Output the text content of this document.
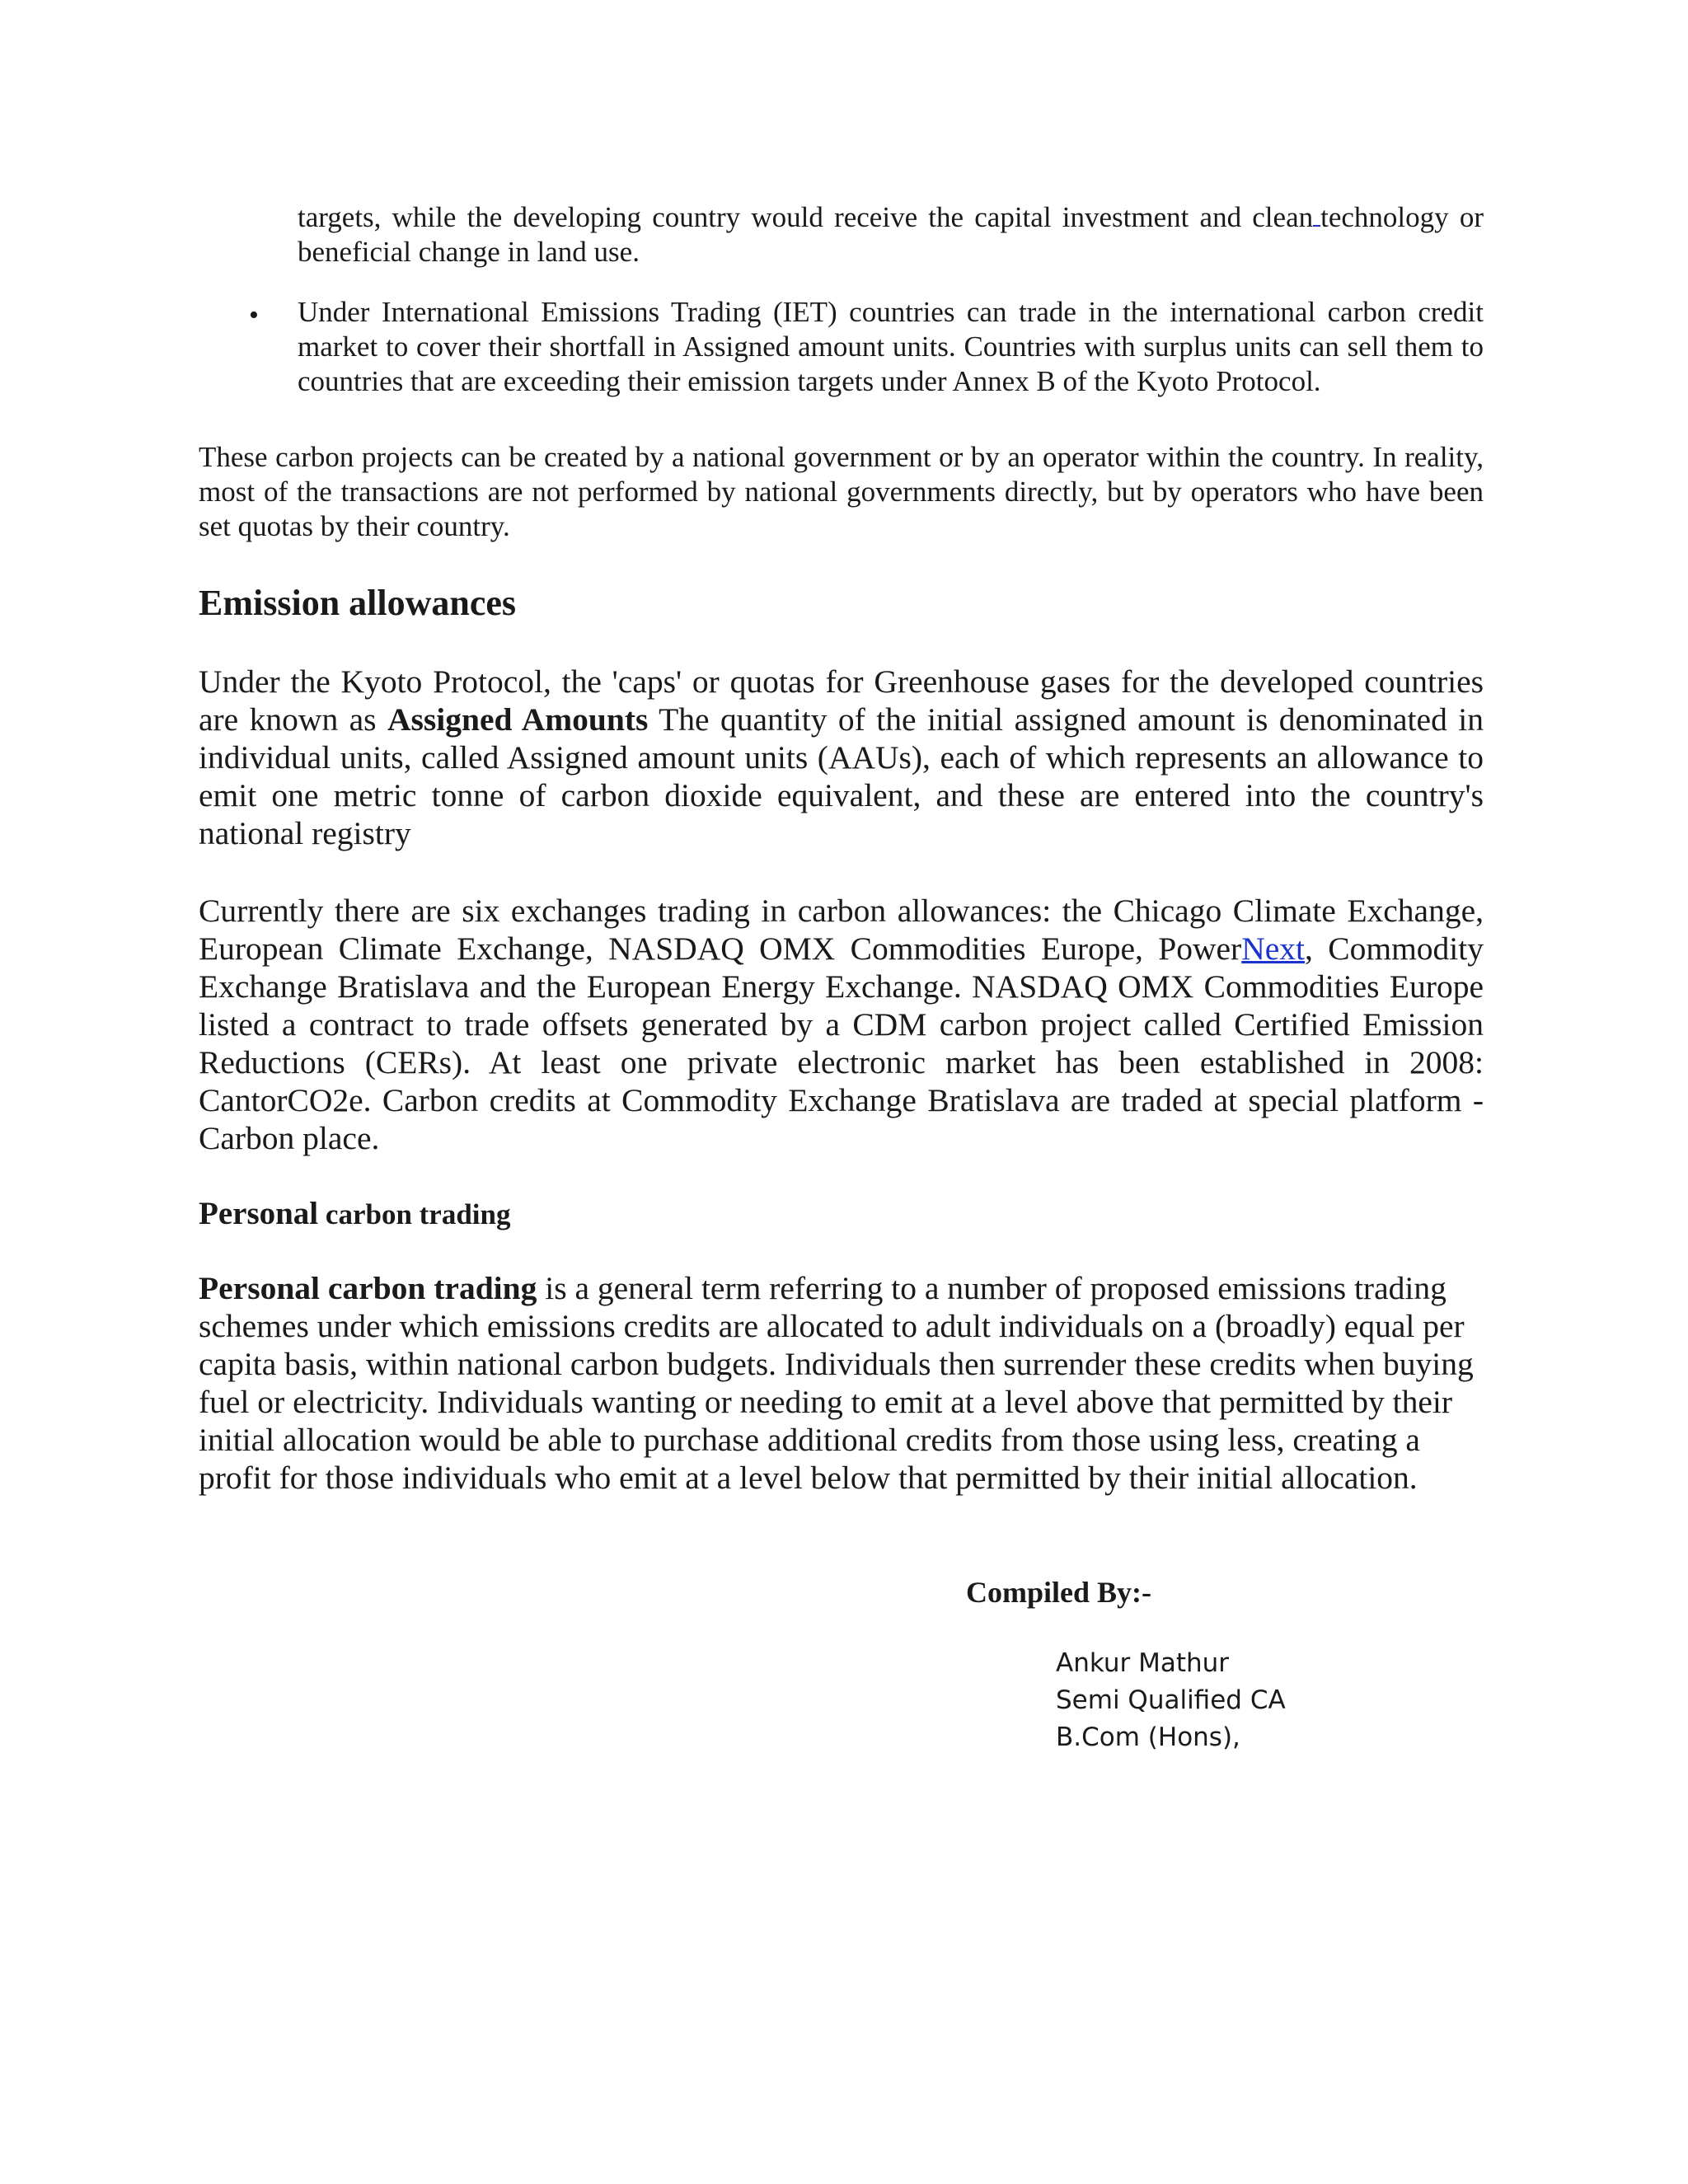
targets, while the developing country would receive the capital investment and clean technology or beneficial change in land use.

• Under International Emissions Trading (IET) countries can trade in the international carbon credit market to cover their shortfall in Assigned amount units. Countries with surplus units can sell them to countries that are exceeding their emission targets under Annex B of the Kyoto Protocol.

These carbon projects can be created by a national government or by an operator within the country. In reality, most of the transactions are not performed by national governments directly, but by operators who have been set quotas by their country.

Emission allowances

Under the Kyoto Protocol, the 'caps' or quotas for Greenhouse gases for the developed countries are known as Assigned Amounts The quantity of the initial assigned amount is denominated in individual units, called Assigned amount units (AAUs), each of which represents an allowance to emit one metric tonne of carbon dioxide equivalent, and these are entered into the country's national registry

Currently there are six exchanges trading in carbon allowances: the Chicago Climate Exchange, European Climate Exchange, NASDAQ OMX Commodities Europe, PowerNext, Commodity Exchange Bratislava and the European Energy Exchange. NASDAQ OMX Commodities Europe listed a contract to trade offsets generated by a CDM carbon project called Certified Emission Reductions (CERs). At least one private electronic market has been established in 2008: CantorCO2e. Carbon credits at Commodity Exchange Bratislava are traded at special platform - Carbon place.

Personal carbon trading

Personal carbon trading is a general term referring to a number of proposed emissions trading schemes under which emissions credits are allocated to adult individuals on a (broadly) equal per capita basis, within national carbon budgets. Individuals then surrender these credits when buying fuel or electricity. Individuals wanting or needing to emit at a level above that permitted by their initial allocation would be able to purchase additional credits from those using less, creating a profit for those individuals who emit at a level below that permitted by their initial allocation.

Compiled By:-
Ankur Mathur
Semi Qualified CA
B.Com (Hons),
